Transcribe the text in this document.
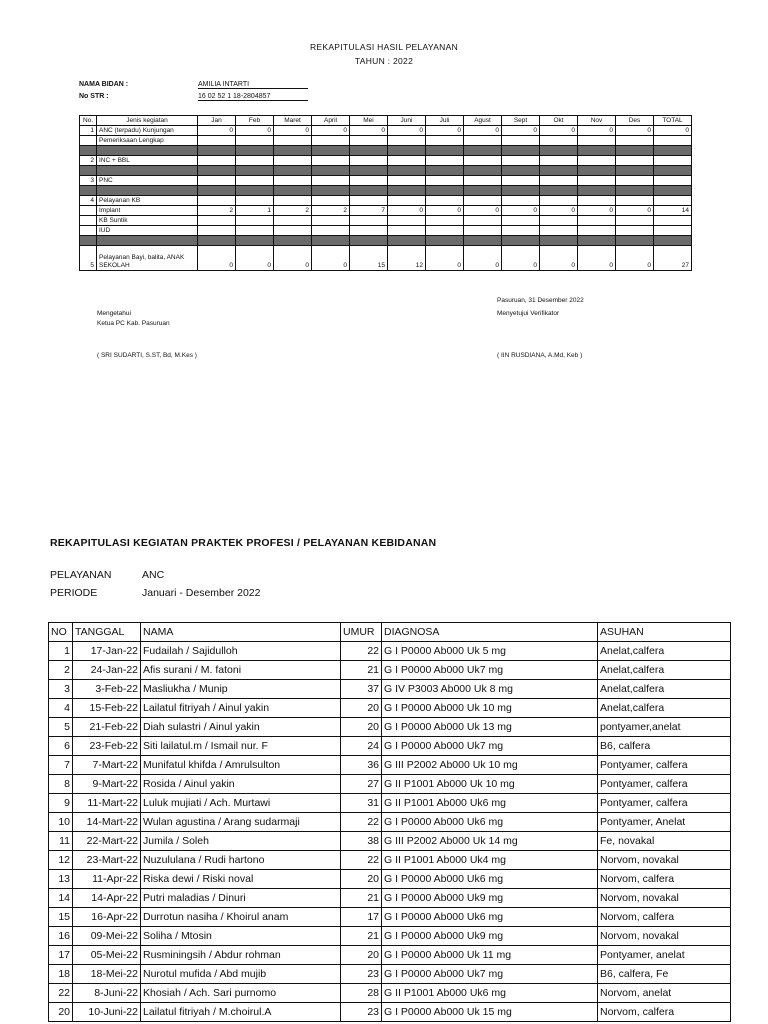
REKAPITULASI HASIL PELAYANAN
TAHUN : 2022
NAMA BIDAN :	AMILIA INTARTI
No STR :	16 02 52 1 18-2804857
No.	Jenis kegiatan	Jan	Feb	Maret	April	Mei	Juni	Juli	Agust	Sept	Okt	Nov	Des	TOTAL
1	ANC (terpadu) Kunjungan	0	0	0	0	0	0	0	0	0	0	0	0	0
	Pemeriksaan Lengkap													

2	INC + BBL													

3	PNC													

4	Pelayanan KB													
	Implant	2	1	2	2	7	0	0	0	0	0	0	0	14
	KB Suntik													
	IUD													

5	Pelayanan Bayi, balita, ANAK SEKOLAH	0	0	0	0	15	12	0	0	0	0	0	0	27
Pasuruan, 31 Desember 2022
Mengetahui	Menyetujui Verifikator
Ketua PC Kab. Pasuruan
( SRI SUDARTI, S.ST, Bd, M.Kes )	( IIN RUSDIANA, A.Md, Keb )
REKAPITULASI KEGIATAN PRAKTEK PROFESI / PELAYANAN KEBIDANAN
PELAYANAN	ANC
PERIODE	Januari - Desember 2022
NO	TANGGAL	NAMA	UMUR	DIAGNOSA	ASUHAN
1	17-Jan-22	Fudailah / Sajidulloh	22	G I P0000 Ab000 Uk 5 mg	Anelat,calfera
2	24-Jan-22	Afis surani / M. fatoni	21	G I P0000 Ab000 Uk7 mg	Anelat,calfera
3	3-Feb-22	Masliukha / Munip	37	G IV P3003 Ab000 Uk 8 mg	Anelat,calfera
4	15-Feb-22	Lailatul fitriyah / Ainul yakin	20	G I P0000 Ab000 Uk 10 mg	Anelat,calfera
5	21-Feb-22	Diah sulastri / Ainul yakin	20	G I P0000 Ab000 Uk 13 mg	pontyamer,anelat
6	23-Feb-22	Siti lailatul.m / Ismail nur. F	24	G I P0000 Ab000 Uk7 mg	B6, calfera
7	7-Mart-22	Munifatul khifda / Amrulsulton	36	G III P2002 Ab000 Uk 10 mg	Pontyamer, calfera
8	9-Mart-22	Rosida / Ainul yakin	27	G II P1001 Ab000 Uk 10 mg	Pontyamer, calfera
9	11-Mart-22	Luluk mujiati / Ach. Murtawi	31	G II P1001 Ab000 Uk6 mg	Pontyamer, calfera
10	14-Mart-22	Wulan agustina / Arang sudarmaji	22	G I P0000 Ab000 Uk6 mg	Pontyamer, Anelat
11	22-Mart-22	Jumila / Soleh	38	G III P2002 Ab000 Uk 14 mg	Fe, novakal
12	23-Mart-22	Nuzululana / Rudi hartono	22	G II P1001 Ab000 Uk4 mg	Norvom, novakal
13	11-Apr-22	Riska dewi / Riski noval	20	G I P0000 Ab000 Uk6 mg	Norvom, calfera
14	14-Apr-22	Putri maladias / Dinuri	21	G I P0000 Ab000 Uk9 mg	Norvom, novakal
15	16-Apr-22	Durrotun nasiha / Khoirul anam	17	G I P0000 Ab000 Uk6 mg	Norvom, calfera
16	09-Mei-22	Soliha / Mtosin	21	G I P0000 Ab000 Uk9 mg	Norvom, novakal
17	05-Mei-22	Rusminingsih / Abdur rohman	20	G I P0000 Ab000 Uk 11 mg	Pontyamer, anelat
18	18-Mei-22	Nurotul mufida / Abd mujib	23	G I P0000 Ab000 Uk7 mg	B6, calfera, Fe
22	8-Juni-22	Khosiah / Ach. Sari purnomo	28	G II P1001 Ab000 Uk6 mg	Norvom, anelat
20	10-Juni-22	Lailatul fitriyah / M.choirul.A	23	G I P0000 Ab000 Uk 15 mg	Norvom, calfera
